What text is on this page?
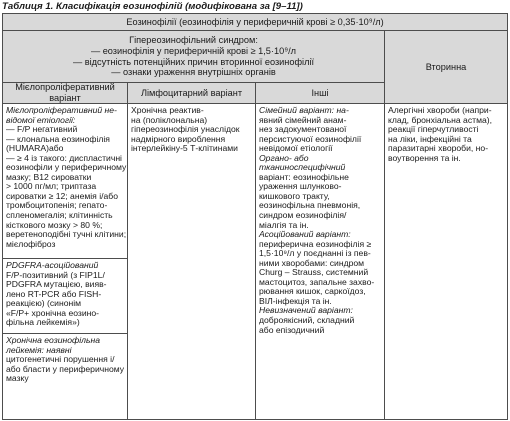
Таблиця 1. Класифікація еозинофілій (модифікована за [9–11])
Еозинофілії (еозинофілія у периферичній крові ≥ 0,35·10⁹/л)
Гіпереозинофільний синдром:
— еозинофілія у периферичній крові ≥ 1,5·10⁹/л
— відсутність потенційних причин вторинної еозинофілії
— ознаки ураження внутрішніх органів
Вторинна
Мієлопроліферативний
варіант
Лімфоцитарний варіант	Інші
Мієлопроліферативний не-
відомої етіології:
— F/P негативний
— клональна еозинофілія
(HUMARA)або
— ≥ 4 із такого: диспластичні
еозинофіли у периферичному
мазку; В12 сироватки
> 1000 пг/мл; триптаза
сироватки ≥ 12; анемія і/або
тромбоцитопенія; гепато-
спленомегалія; клітинність
кісткового мозку > 80 %;
веретеноподібні тучні клітини;
мієлофіброз
PDGFRA-асоційований
F/P-позитивний (з FIP1L/
PDGFRA мутацією, вияв-
лено RT-PCR або FISH-
реакцією) (синонім
«F/P+ хронічна еозино-
фільна лейкемія»)
Хронічна еозинофільна
лейкемія: наявні
цитогенетичні порушення і/
або бласти у периферичному
мазку
Хронічна реактив-
на (поліклональна)
гіпереозинофілія унаслідок
надмірного вироблення
інтерлейкіну-5 Т-клітинами
Сімейний варіант: на-
явний сімейний анам-
нез задокументованої
персистуючої еозинофілії
невідомої етіології
Органо- або
тканиноспецифічний
варіант: еозинофільне
ураження шлунково-
кишкового тракту,
еозинофільна пневмонія,
синдром еозинофілія/
міалгія та ін.
Асоційований варіант:
периферична еозинофілія ≥
1,5·10⁹/л у поєднанні із пев-
ними хворобами: синдром
Churg – Strauss, системний
мастоцитоз, запальне захво-
рювання кишок, саркоїдоз,
ВІЛ-інфекція та ін.
Невизначений варіант:
доброякісний, складний
або епізодичний
Алергічні хвороби (напри-
клад, бронхіальна астма),
реакції гіперчутливості
на ліки, інфекційні та
паразитарні хвороби, но-
воутворення та ін.
